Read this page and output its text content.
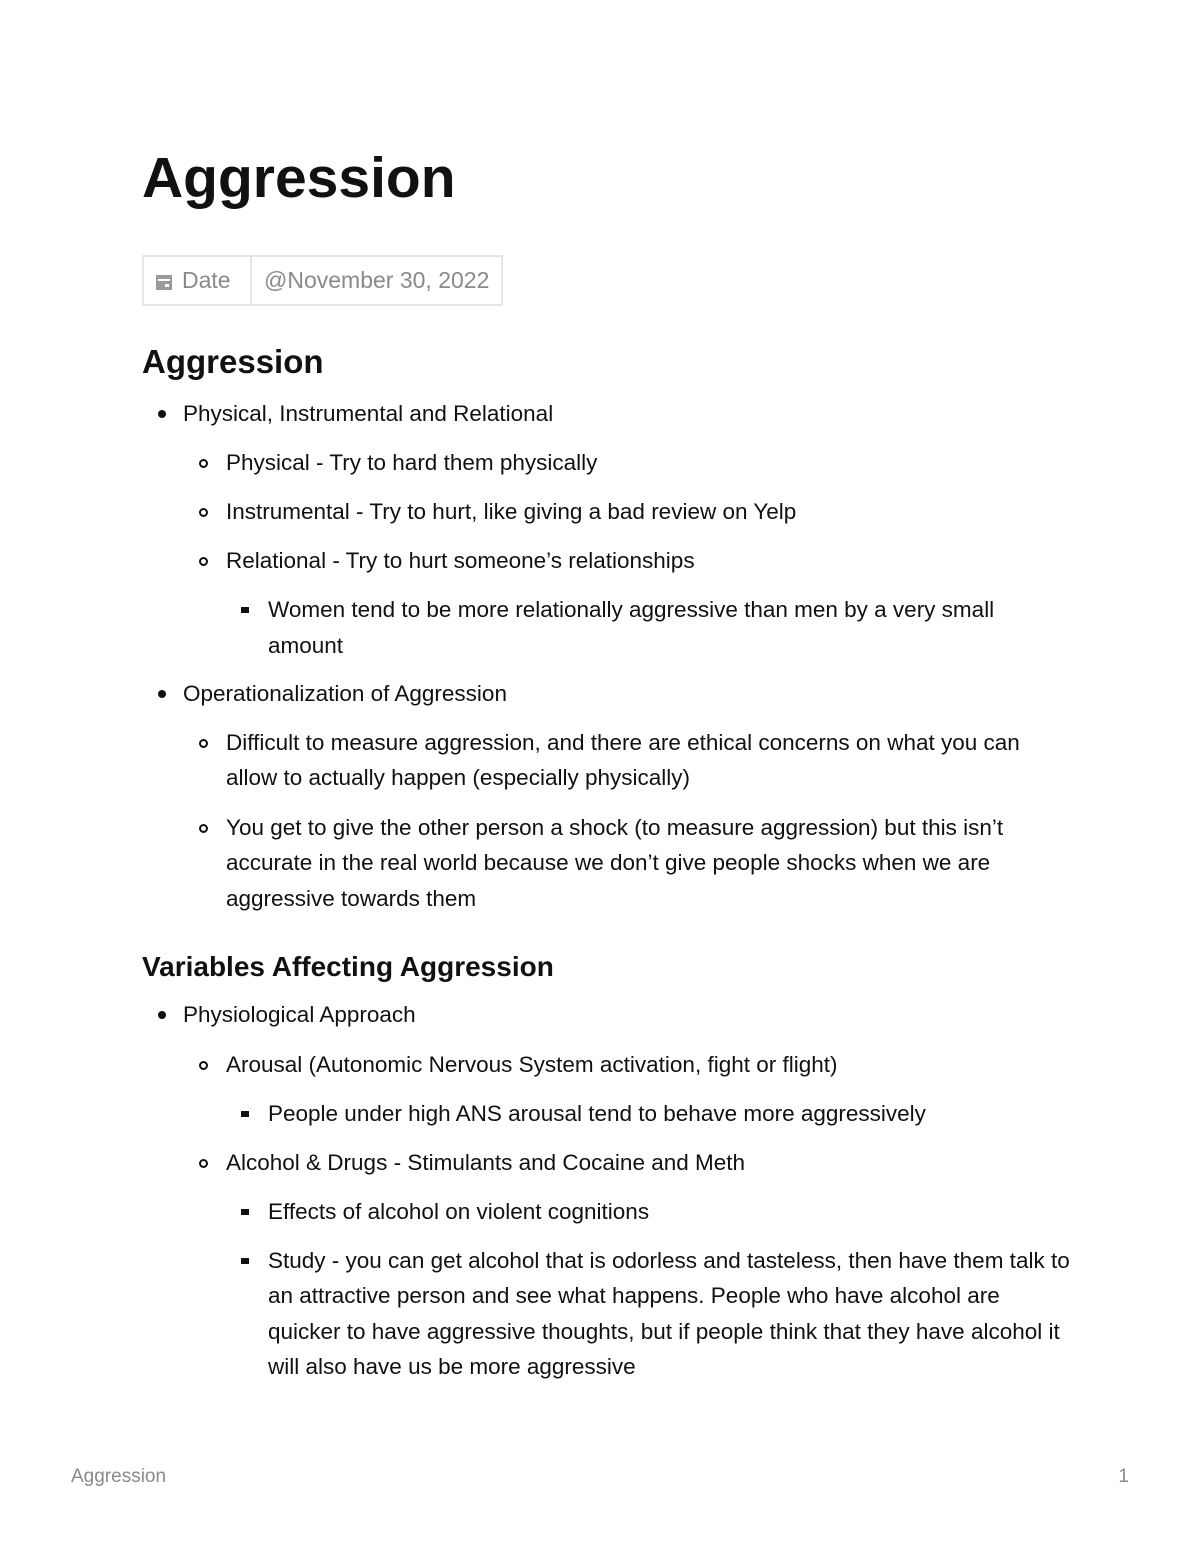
Aggression
Date	@November 30, 2022
Aggression
Physical, Instrumental and Relational
Physical - Try to hard them physically
Instrumental - Try to hurt, like giving a bad review on Yelp
Relational - Try to hurt someone’s relationships
Women tend to be more relationally aggressive than men by a very small amount
Operationalization of Aggression
Difficult to measure aggression, and there are ethical concerns on what you can allow to actually happen (especially physically)
You get to give the other person a shock (to measure aggression) but this isn’t accurate in the real world because we don’t give people shocks when we are aggressive towards them
Variables Affecting Aggression
Physiological Approach
Arousal (Autonomic Nervous System activation, fight or flight)
People under high ANS arousal tend to behave more aggressively
Alcohol & Drugs - Stimulants and Cocaine and Meth
Effects of alcohol on violent cognitions
Study - you can get alcohol that is odorless and tasteless, then have them talk to an attractive person and see what happens. People who have alcohol are quicker to have aggressive thoughts, but if people think that they have alcohol it will also have us be more aggressive
Aggression	1
